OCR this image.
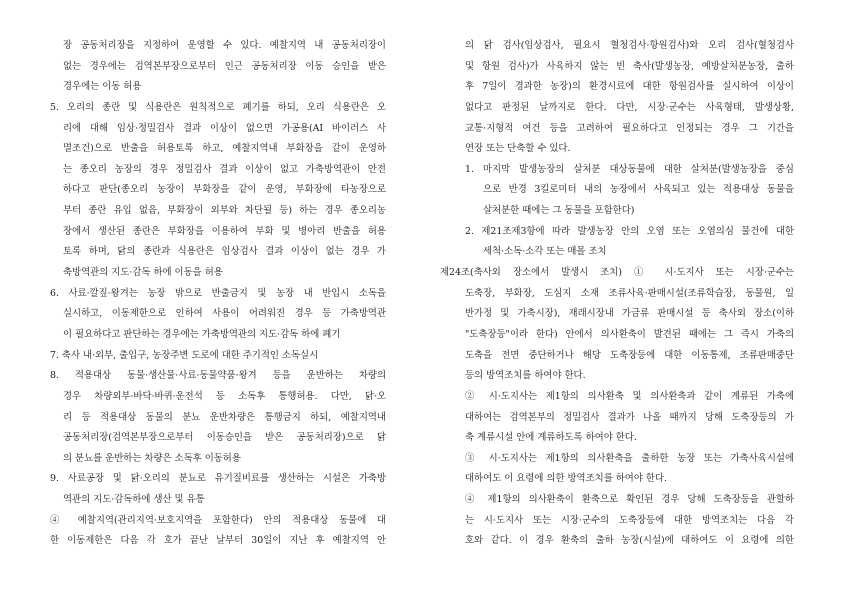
장 공동처리장을 지정하여 운영할 수 있다. 예찰지역 내 공동처리장이
없는 경우에는 검역본부장으로부터 인근 공동처리장 이동 승인을 받은
경우에는 이동 허용
5. 오리의 종란 및 식용란은 원칙적으로 폐기를 하되, 오리 식용란은 오
리에 대해 임상·정밀검사 결과 이상이 없으면 가공용(AI 바이러스 사
멸조건)으로 반출을 허용토록 하고, 예찰지역내 부화장을 같이 운영하
는 종오리 농장의 경우 정밀검사 결과 이상이 없고 가축방역관이 안전
하다고 판단(종오리 농장이 부화장을 같이 운영, 부화장에 타농장으로
부터 종란 유입 없음, 부화장이 외부와 차단될 등) 하는 경우 종오리농
장에서 생산된 종란은 부화장을 이용하여 부화 및 병아리 반출을 허용
토록 하며, 닭의 종란과 식용란은 임상검사 결과 이상이 없는 경우 가
축방역관의 지도·감독 하에 이동을 허용
6. 사료·깔짚·왕겨는 농장 밖으로 반출금지 및 농장 내 반입시 소독을
실시하고, 이동제한으로 인하여 사용이 어려워진 경우 등 가축방역관
이 필요하다고 판단하는 경우에는 가축방역관의 지도·감독 하에 폐기
7. 축사 내·외부, 출입구, 농장주변 도로에 대한 주기적인 소독실시
8. 적용대상 동물·생산물·사료·동물약품·왕겨 등을 운반하는 차량의
경우 차량외부·바닥·바퀴·운전석 등 소독후 통행허용. 다만, 닭·오
리 등 적용대상 동물의 분뇨 운반차량은 통행금지 하되, 예찰지역내
공동처리장(검역본부장으로부터 이동승인을 받은 공동처리장)으로 닭
의 분뇨를 운반하는 차량은 소독후 이동허용
9. 사료공장 및 닭·오리의 분뇨로 유기질비료를 생산하는 시설은 가축방
역관의 지도·감독하에 생산 및 유통
④ 예찰지역(관리지역·보호지역을 포함한다) 안의 적용대상 동물에 대
한 이동제한은 다음 각 호가 끝난 날부터 30일이 지난 후 예찰지역 안
의 닭 검사(임상검사, 필요시 혈청검사·항원검사)와 오리 검사(혈청검사
및 항원 검사)가 사육하지 않는 빈 축사(발생농장, 예방살처분농장, 출하
후 7일이 경과한 농장)의 환경시료에 대한 항원검사를 실시하여 이상이
없다고 판정된 날까지로 한다. 다만, 시장·군수는 사육형태, 발생상황,
교통·지형적 여건 등을 고려하여 필요하다고 인정되는 경우 그 기간을
연장 또는 단축할 수 있다.
1. 마지막 발생농장의 살처분 대상동물에 대한 살처분(발생농장을 중심
으로 반경 3킬로미터 내의 농장에서 사육되고 있는 적용대상 동물을
살처분한 때에는 그 동물을 포함한다)
2. 제21조제3항에 따라 발생농장 안의 오염 또는 오염의심 물건에 대한
세척·소독·소각 또는 매몰 조치
제24조(축사외 장소에서 발생시 조치) ① 시·도지사 또는 시장·군수는
도축장, 부화장, 도심지 소재 조류사육·판매시설(조류학습장, 동물원, 일
반가정 및 가축시장), 재래시장내 가금류 판매시설 등 축사외 장소(이하
"도축장등"이라 한다) 안에서 의사환축이 발견된 때에는 그 즉시 가축의
도축을 전면 중단하거나 해당 도축장등에 대한 이동통제, 조류판매중단
등의 방역조치를 하여야 한다.
② 시·도지사는 제1항의 의사환축 및 의사환축과 같이 계류된 가축에
대하여는 검역본부의 정밀검사 결과가 나올 때까지 당해 도축장등의 가
축 계류시설 안에 계류하도록 하여야 한다.
③ 시·도지사는 제1항의 의사환축을 출하한 농장 또는 가축사육시설에
대하여도 이 요령에 의한 방역조치를 하여야 한다.
④ 제1항의 의사환축이 환축으로 확인된 경우 당해 도축장등을 관할하
는 시·도지사 또는 시장·군수의 도축장등에 대한 방역조치는 다음 각
호와 같다. 이 경우 환축의 출하 농장(시설)에 대하여도 이 요령에 의한
